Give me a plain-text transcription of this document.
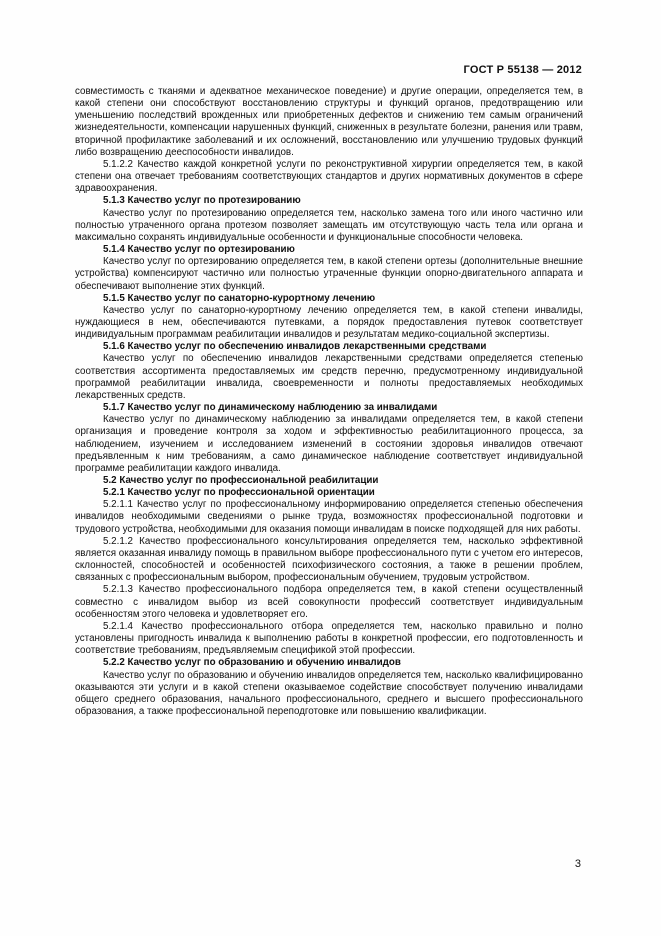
ГОСТ Р 55138 — 2012

совместимость с тканями и адекватное механическое поведение) и другие операции, определяется тем, в какой степени они способствуют восстановлению структуры и функций органов, предотвращению или уменьшению последствий врожденных или приобретенных дефектов и снижению тем самым ограничений жизнедеятельности, компенсации нарушенных функций, сниженных в результате болезни, ранения или травм, вторичной профилактике заболеваний и их осложнений, восстановлению или улучшению трудовых функций либо возвращению дееспособности инвалидов.

5.1.2.2 Качество каждой конкретной услуги по реконструктивной хирургии определяется тем, в какой степени она отвечает требованиям соответствующих стандартов и других нормативных документов в сфере здравоохранения.

5.1.3 Качество услуг по протезированию

Качество услуг по протезированию определяется тем, насколько замена того или иного частично или полностью утраченного органа протезом позволяет замещать им отсутствующую часть тела или органа и максимально сохранять индивидуальные особенности и функциональные способности человека.

5.1.4 Качество услуг по ортезированию

Качество услуг по ортезированию определяется тем, в какой степени ортезы (дополнительные внешние устройства) компенсируют частично или полностью утраченные функции опорно-двигательного аппарата и обеспечивают выполнение этих функций.

5.1.5 Качество услуг по санаторно-курортному лечению

Качество услуг по санаторно-курортному лечению определяется тем, в какой степени инвалиды, нуждающиеся в нем, обеспечиваются путевками, а порядок предоставления путевок соответствует индивидуальным программам реабилитации инвалидов и результатам медико-социальной экспертизы.

5.1.6 Качество услуг по обеспечению инвалидов лекарственными средствами

Качество услуг по обеспечению инвалидов лекарственными средствами определяется степенью соответствия ассортимента предоставляемых им средств перечню, предусмотренному индивидуальной программой реабилитации инвалида, своевременности и полноты предоставляемых необходимых лекарственных средств.

5.1.7 Качество услуг по динамическому наблюдению за инвалидами

Качество услуг по динамическому наблюдению за инвалидами определяется тем, в какой степени организация и проведение контроля за ходом и эффективностью реабилитационного процесса, за наблюдением, изучением и исследованием изменений в состоянии здоровья инвалидов отвечают предъявленным к ним требованиям, а само динамическое наблюдение соответствует индивидуальной программе реабилитации каждого инвалида.

5.2 Качество услуг по профессиональной реабилитации

5.2.1 Качество услуг по профессиональной ориентации

5.2.1.1 Качество услуг по профессиональному информированию определяется степенью обеспечения инвалидов необходимыми сведениями о рынке труда, возможностях профессиональной подготовки и трудового устройства, необходимыми для оказания помощи инвалидам в поиске подходящей для них работы.

5.2.1.2 Качество профессионального консультирования определяется тем, насколько эффективной является оказанная инвалиду помощь в правильном выборе профессионального пути с учетом его интересов, склонностей, способностей и особенностей психофизического состояния, а также в решении проблем, связанных с профессиональным выбором, профессиональным обучением, трудовым устройством.

5.2.1.3 Качество профессионального подбора определяется тем, в какой степени осуществленный совместно с инвалидом выбор из всей совокупности профессий соответствует индивидуальным особенностям этого человека и удовлетворяет его.

5.2.1.4 Качество профессионального отбора определяется тем, насколько правильно и полно установлены пригодность инвалида к выполнению работы в конкретной профессии, его подготовленность и соответствие требованиям, предъявляемым спецификой этой профессии.

5.2.2 Качество услуг по образованию и обучению инвалидов

Качество услуг по образованию и обучению инвалидов определяется тем, насколько квалифицированно оказываются эти услуги и в какой степени оказываемое содействие способствует получению инвалидами общего среднего образования, начального профессионального, среднего и высшего профессионального образования, а также профессиональной переподготовке или повышению квалификации.

3
